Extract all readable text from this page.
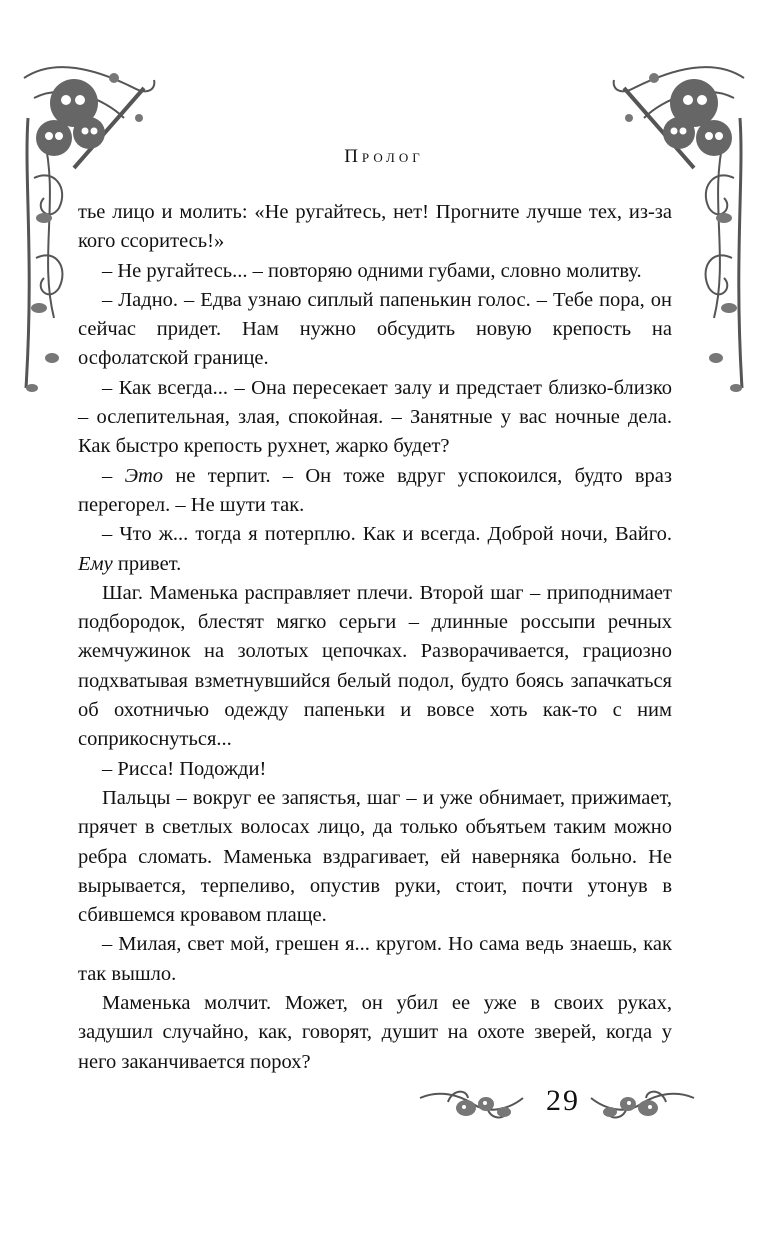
Пролог
тье лицо и молить: «Не ругайтесь, нет! Прогните лучше тех, из-за кого ссоритесь!»
– Не ругайтесь... – повторяю одними губами, словно молитву.
– Ладно. – Едва узнаю сиплый папенькин голос. – Тебе пора, он сейчас придет. Нам нужно обсудить новую крепость на осфолатской границе.
– Как всегда... – Она пересекает залу и предстает близко-близко – ослепительная, злая, спокойная. – Занятные у вас ночные дела. Как быстро крепость рухнет, жарко будет?
– Это не терпит. – Он тоже вдруг успокоился, будто враз перегорел. – Не шути так.
– Что ж... тогда я потерплю. Как и всегда. Доброй ночи, Вайго. Ему привет.
Шаг. Маменька расправляет плечи. Второй шаг – приподнимает подбородок, блестят мягко серьги – длинные россыпи речных жемчужинок на золотых цепочках. Разворачивается, грациозно подхватывая взметнувшийся белый подол, будто боясь запачкаться об охотничью одежду папеньки и вовсе хоть как-то с ним соприкоснуться...
– Рисса! Подожди!
Пальцы – вокруг ее запястья, шаг – и уже обнимает, прижимает, прячет в светлых волосах лицо, да только объятьем таким можно ребра сломать. Маменька вздрагивает, ей наверняка больно. Не вырывается, терпеливо, опустив руки, стоит, почти утонув в сбившемся кровавом плаще.
– Милая, свет мой, грешен я... кругом. Но сама ведь знаешь, как так вышло.
Маменька молчит. Может, он убил ее уже в своих руках, задушил случайно, как, говорят, душит на охоте зверей, когда у него заканчивается порох?
29
